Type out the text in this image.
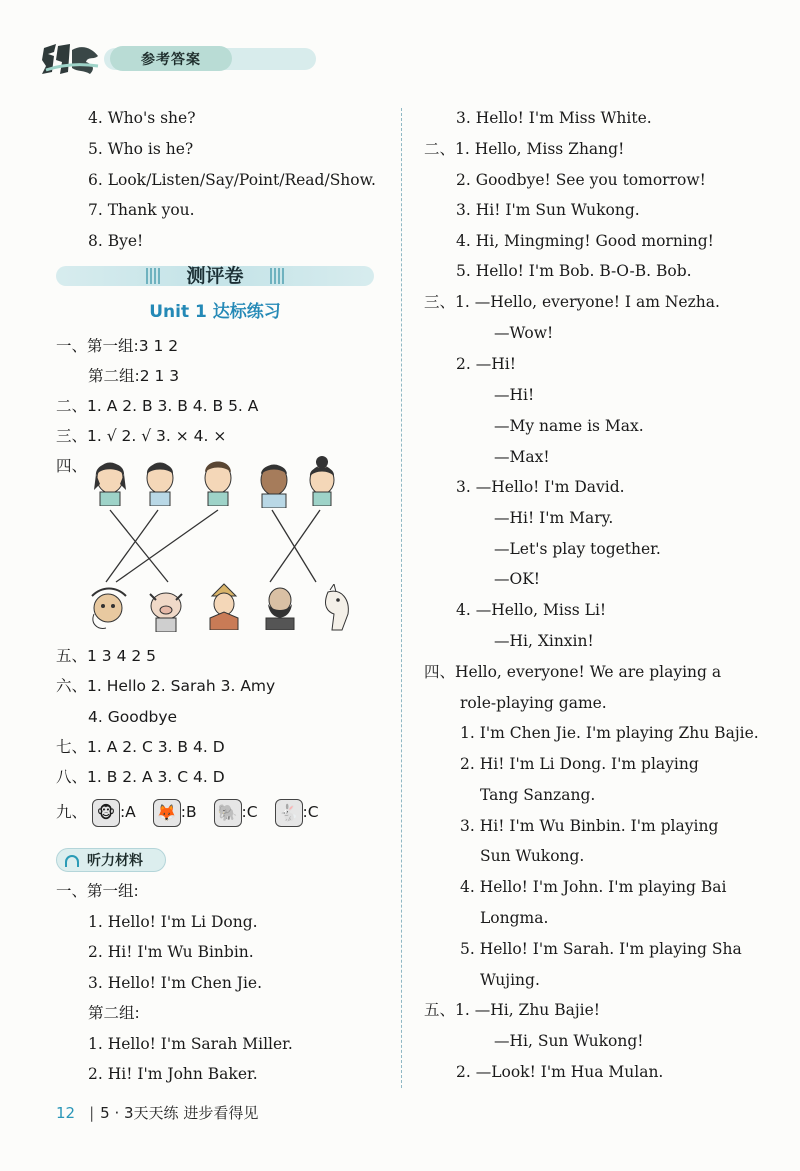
参考答案
4. Who's she?
5. Who is he?
6. Look/Listen/Say/Point/Read/Show.
7. Thank you.
8. Bye!
测评卷
Unit 1 达标练习
一、第一组:3 1 2
第二组:2 1 3
二、1. A 2. B 3. B 4. B 5. A
三、1. √ 2. √ 3. × 4. ×
四、
五、1 3 4 2 5
六、1. Hello 2. Sarah 3. Amy
4. Goodbye
七、1. A 2. C 3. B 4. D
八、1. B 2. A 3. C 4. D
九、 🐵 :A 🦊 :B 🐘 :C 🐇 :C
听力材料
一、第一组:
1. Hello! I'm Li Dong.
2. Hi! I'm Wu Binbin.
3. Hello! I'm Chen Jie.
第二组:
1. Hello! I'm Sarah Miller.
2. Hi! I'm John Baker.
3. Hello! I'm Miss White.
二、1. Hello, Miss Zhang!
2. Goodbye! See you tomorrow!
3. Hi! I'm Sun Wukong.
4. Hi, Mingming! Good morning!
5. Hello! I'm Bob. B-O-B. Bob.
三、1. —Hello, everyone! I am Nezha.
—Wow!
2. —Hi!
—Hi!
—My name is Max.
—Max!
3. —Hello! I'm David.
—Hi! I'm Mary.
—Let's play together.
—OK!
4. —Hello, Miss Li!
—Hi, Xinxin!
四、Hello, everyone! We are playing a
role-playing game.
1. I'm Chen Jie. I'm playing Zhu Bajie.
2. Hi! I'm Li Dong. I'm playing
Tang Sanzang.
3. Hi! I'm Wu Binbin. I'm playing
Sun Wukong.
4. Hello! I'm John. I'm playing Bai
Longma.
5. Hello! I'm Sarah. I'm playing Sha
Wujing.
五、1. —Hi, Zhu Bajie!
—Hi, Sun Wukong!
2. —Look! I'm Hua Mulan.
12 | 5 · 3天天练 进步看得见
